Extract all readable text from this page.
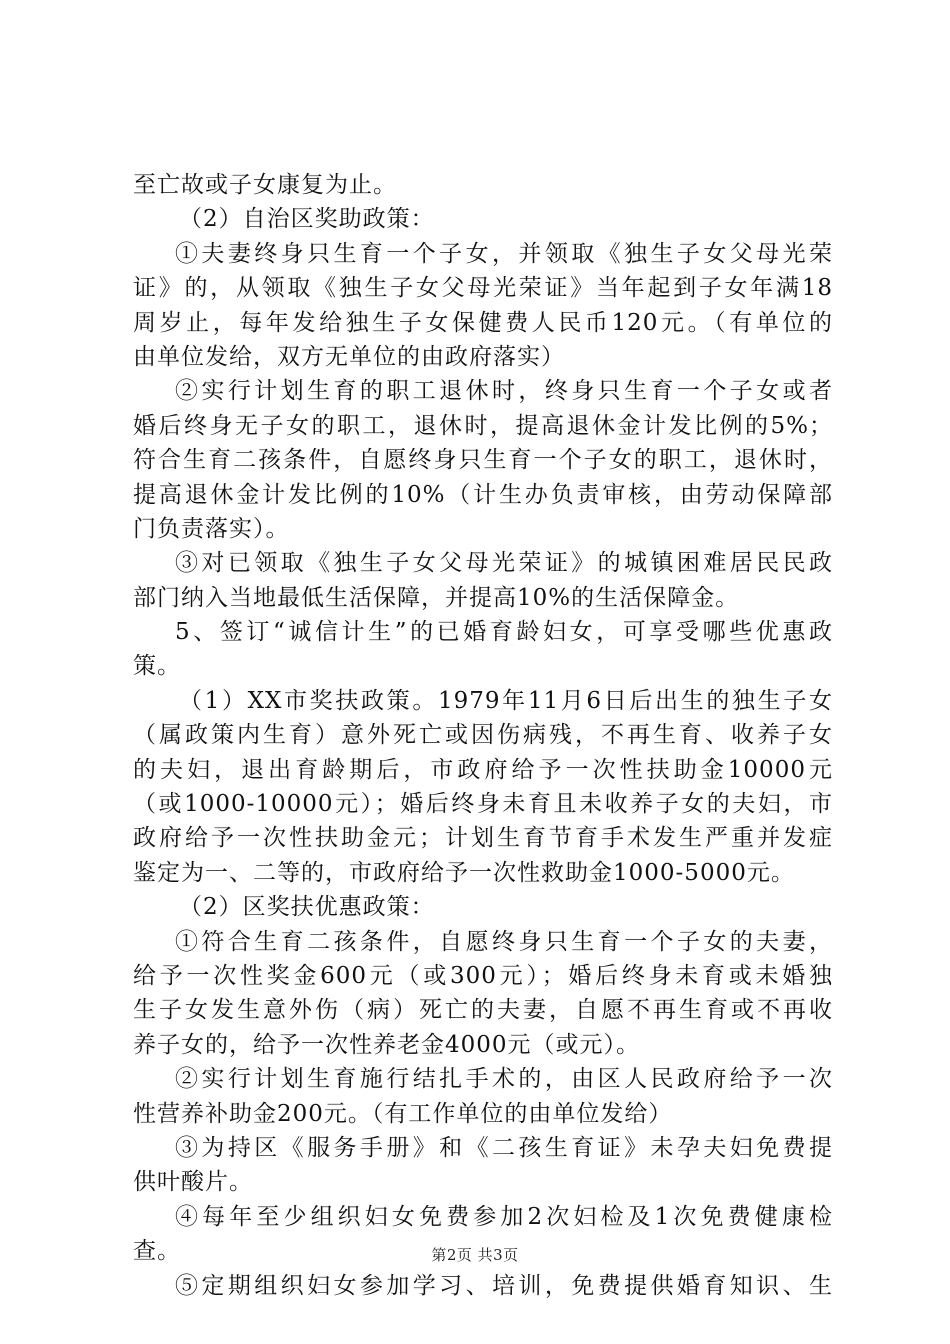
至亡故或子女康复为止。
（2）自治区奖助政策：
①夫妻终身只生育一个子女，并领取《独生子女父母光荣
证》的，从领取《独生子女父母光荣证》当年起到子女年满18
周岁止，每年发给独生子女保健费人民币120元。（有单位的
由单位发给，双方无单位的由政府落实）
②实行计划生育的职工退休时，终身只生育一个子女或者
婚后终身无子女的职工，退休时，提高退休金计发比例的5%；
符合生育二孩条件，自愿终身只生育一个子女的职工，退休时，
提高退休金计发比例的10%（计生办负责审核，由劳动保障部
门负责落实）。
③对已领取《独生子女父母光荣证》的城镇困难居民民政
部门纳入当地最低生活保障，并提高10%的生活保障金。
5、签订“诚信计生”的已婚育龄妇女，可享受哪些优惠政
策。
（1）XX市奖扶政策。1979年11月6日后出生的独生子女
（属政策内生育）意外死亡或因伤病残，不再生育、收养子女
的夫妇，退出育龄期后，市政府给予一次性扶助金10000元
（或1000-10000元）；婚后终身未育且未收养子女的夫妇，市
政府给予一次性扶助金元；计划生育节育手术发生严重并发症
鉴定为一、二等的，市政府给予一次性救助金1000-5000元。
（2）区奖扶优惠政策：
①符合生育二孩条件，自愿终身只生育一个子女的夫妻，
给予一次性奖金600元（或300元）；婚后终身未育或未婚独
生子女发生意外伤（病）死亡的夫妻，自愿不再生育或不再收
养子女的，给予一次性养老金4000元（或元）。
②实行计划生育施行结扎手术的，由区人民政府给予一次
性营养补助金200元。（有工作单位的由单位发给）
③为持区《服务手册》和《二孩生育证》未孕夫妇免费提
供叶酸片。
④每年至少组织妇女免费参加2次妇检及1次免费健康检
查。
⑤定期组织妇女参加学习、培训，免费提供婚育知识、生
第2页 共3页
